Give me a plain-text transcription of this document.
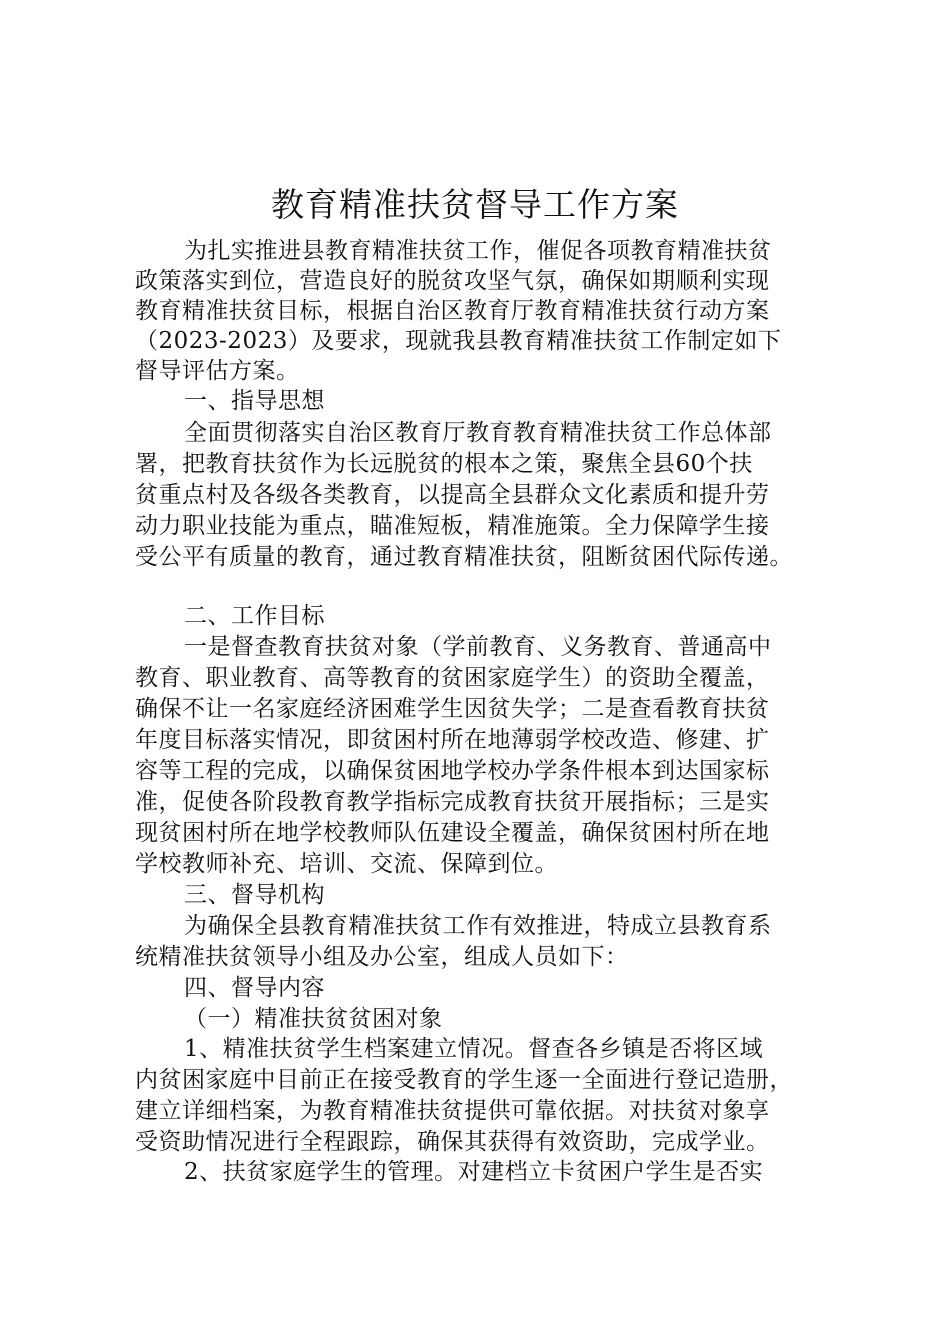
教育精准扶贫督导工作方案
为扎实推进县教育精准扶贫工作，催促各项教育精准扶贫
政策落实到位，营造良好的脱贫攻坚气氛，确保如期顺利实现
教育精准扶贫目标，根据自治区教育厅教育精准扶贫行动方案
（2023-2023）及要求，现就我县教育精准扶贫工作制定如下
督导评估方案。
一、指导思想
全面贯彻落实自治区教育厅教育教育精准扶贫工作总体部
署，把教育扶贫作为长远脱贫的根本之策，聚焦全县60个扶
贫重点村及各级各类教育，以提高全县群众文化素质和提升劳
动力职业技能为重点，瞄准短板，精准施策。全力保障学生接
受公平有质量的教育，通过教育精准扶贫，阻断贫困代际传递。
二、工作目标
一是督查教育扶贫对象（学前教育、义务教育、普通高中
教育、职业教育、高等教育的贫困家庭学生）的资助全覆盖，
确保不让一名家庭经济困难学生因贫失学；二是查看教育扶贫
年度目标落实情况，即贫困村所在地薄弱学校改造、修建、扩
容等工程的完成，以确保贫困地学校办学条件根本到达国家标
准，促使各阶段教育教学指标完成教育扶贫开展指标；三是实
现贫困村所在地学校教师队伍建设全覆盖，确保贫困村所在地
学校教师补充、培训、交流、保障到位。
三、督导机构
为确保全县教育精准扶贫工作有效推进，特成立县教育系
统精准扶贫领导小组及办公室，组成人员如下：
四、督导内容
（一）精准扶贫贫困对象
1、精准扶贫学生档案建立情况。督查各乡镇是否将区域
内贫困家庭中目前正在接受教育的学生逐一全面进行登记造册，
建立详细档案，为教育精准扶贫提供可靠依据。对扶贫对象享
受资助情况进行全程跟踪，确保其获得有效资助，完成学业。
2、扶贫家庭学生的管理。对建档立卡贫困户学生是否实
